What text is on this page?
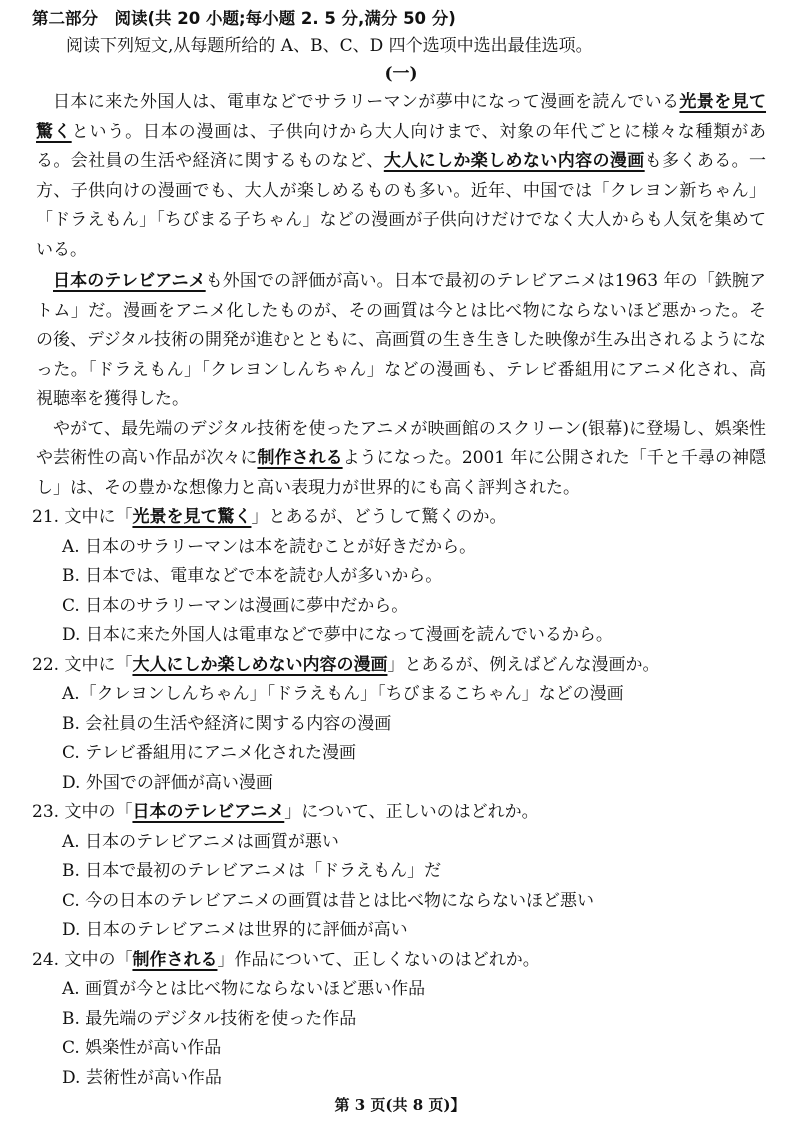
第二部分　阅读(共 20 小题;每小题 2. 5 分,满分 50 分)
阅读下列短文,从每题所给的 A、B、C、D 四个选项中选出最佳选项。
(一)

日本に来た外国人は、電車などでサラリーマンが夢中になって漫画を読んでいる光景を見て驚くという。日本の漫画は、子供向けから大人向けまで、対象の年代ごとに様々な種類がある。会社員の生活や経済に関するものなど、大人にしか楽しめない内容の漫画も多くある。一方、子供向けの漫画でも、大人が楽しめるものも多い。近年、中国では「クレヨン新ちゃん」「ドラえもん」「ちびまる子ちゃん」などの漫画が子供向けだけでなく大人からも人気を集めている。

日本のテレビアニメも外国での評価が高い。日本で最初のテレビアニメは1963 年の「鉄腕アトム」だ。漫画をアニメ化したものが、その画質は今とは比べ物にならないほど悪かった。その後、デジタル技術の開発が進むとともに、高画質の生き生きした映像が生み出されるようになった。「ドラえもん」「クレヨンしんちゃん」などの漫画も、テレビ番組用にアニメ化され、高視聴率を獲得した。

やがて、最先端のデジタル技術を使ったアニメが映画館のスクリーン(银幕)に登場し、娯楽性や芸術性の高い作品が次々に制作されるようになった。2001 年に公開された「千と千尋の神隠し」は、その豊かな想像力と高い表現力が世界的にも高く評判された。

21. 文中に「光景を見て驚く」とあるが、どうして驚くのか。
A. 日本のサラリーマンは本を読むことが好きだから。
B. 日本では、電車などで本を読む人が多いから。
C. 日本のサラリーマンは漫画に夢中だから。
D. 日本に来た外国人は電車などで夢中になって漫画を読んでいるから。
22. 文中に「大人にしか楽しめない内容の漫画」とあるが、例えばどんな漫画か。
A.「クレヨンしんちゃん」「ドラえもん」「ちびまるこちゃん」などの漫画
B. 会社員の生活や経済に関する内容の漫画
C. テレビ番組用にアニメ化された漫画
D. 外国での評価が高い漫画
23. 文中の「日本のテレビアニメ」について、正しいのはどれか。
A. 日本のテレビアニメは画質が悪い
B. 日本で最初のテレビアニメは「ドラえもん」だ
C. 今の日本のテレビアニメの画質は昔とは比べ物にならないほど悪い
D. 日本のテレビアニメは世界的に評価が高い
24. 文中の「制作される」作品について、正しくないのはどれか。
A. 画質が今とは比べ物にならないほど悪い作品
B. 最先端のデジタル技術を使った作品
C. 娯楽性が高い作品
D. 芸術性が高い作品
第 3 页(共 8 页)】
